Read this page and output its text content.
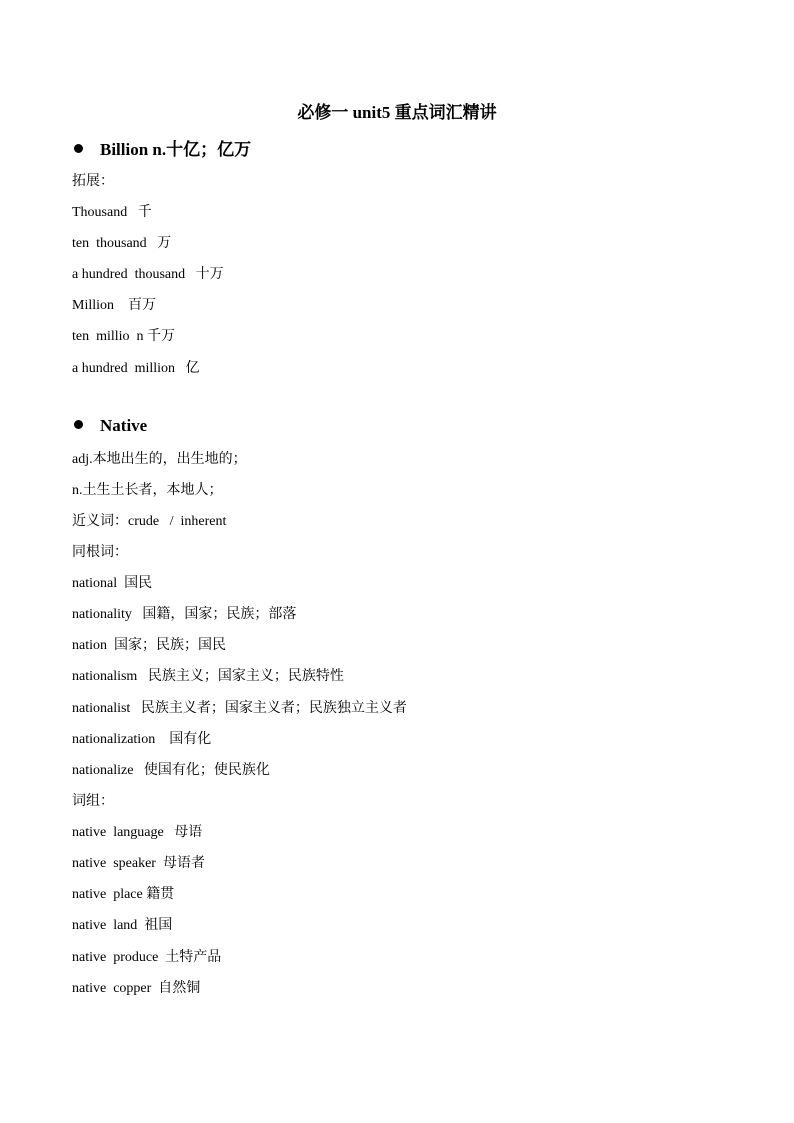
必修一 unit5 重点词汇精讲
Billion n.十亿；亿万
拓展：
Thousand   千
ten  thousand   万
a hundred  thousand   十万
Million    百万
ten  millio  n 千万
a hundred  million   亿
Native
adj.本地出生的，出生地的；
n.土生土长者，本地人；
近义词：crude   /  inherent
同根词：
national  国民
nationality   国籍，国家；民族；部落
nation  国家；民族；国民
nationalism   民族主义；国家主义；民族特性
nationalist   民族主义者；国家主义者；民族独立主义者
nationalization    国有化
nationalize   使国有化；使民族化
词组：
native  language   母语
native  speaker  母语者
native  place 籍贯
native  land  祖国
native  produce  土特产品
native  copper  自然铜
